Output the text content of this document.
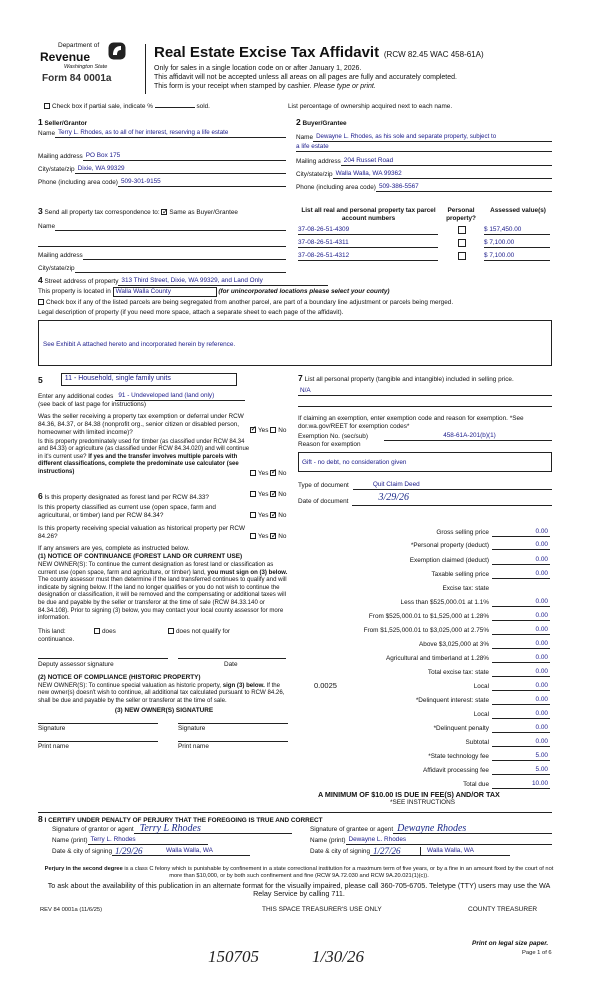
Department of
Revenue
Washington State
Form 84 0001a
Real Estate Excise Tax Affidavit (RCW 82.45 WAC 458-61A)
Only for sales in a single location code on or after January 1, 2026.
This affidavit will not be accepted unless all areas on all pages are fully and accurately completed.
This form is your receipt when stamped by cashier. Please type or print.
Check box if partial sale, indicate %	sold.	List percentage of ownership acquired next to each name.
1 Seller/Grantor
Name Terry L. Rhodes, as to all of her interest, reserving a life estate
Mailing address PO Box 175
City/state/zip Dixie, WA 99329
Phone (including area code) 509-301-9155
2 Buyer/Grantee
Name Dewayne L. Rhodes, as his sole and separate property, subject to
a life estate
Mailing address 204 Russet Road
City/state/zip Walla Walla, WA 99362
Phone (including area code) 509-386-5567
3 Send all property tax correspondence to: ✓ Same as Buyer/Grantee
Name
Mailing address
City/state/zip
List all real and personal property tax parcel account numbers
Personal property?
Assessed value(s)
37-08-26-51-4309	$ 157,450.00
37-08-26-51-4311	$ 7,100.00
37-08-26-51-4312	$ 7,100.00
4
Street address of property 313 Third Street, Dixie, WA 99329, and Land Only
This property is located in Walla Walla County	(for unincorporated locations please select your county)
Check box if any of the listed parcels are being segregated from another parcel, are part of a boundary line adjustment or parcels being merged.
Legal description of property (if you need more space, attach a separate sheet to each page of the affidavit).
See Exhibit A attached hereto and incorporated herein by reference.
5	11 - Household, single family units
Enter any additional codes 91 - Undeveloped land (land only)
(see back of last page for instructions)
Was the seller receiving a property tax exemption or deferral under RCW 84.36, 84.37, or 84.38 (nonprofit org., senior citizen or disabled person, homeowner with limited income)? ✓	Yes No
Is this property predominately used for timber (as classified under RCW 84.34 and 84.33) or agriculture (as classified under RCW 84.34.020) and will continue in it's current use? If yes and the transfer involves multiple parcels with different classifications, complete the predominate use calculator (see instructions)	Yes ✓ No
6 Is this property designated as forest land per RCW 84.33?	Yes ✓ No
Is this property classified as current use (open space, farm and agricultural, or timber) land per RCW 84.34?	Yes ✓ No
Is this property receiving special valuation as historical property per RCW 84.26?	Yes ✓ No
If any answers are yes, complete as instructed below.
(1) NOTICE OF CONTINUANCE (FOREST LAND OR CURRENT USE)
NEW OWNER(S): To continue the current designation as forest land or classification as current use (open space, farm and agriculture, or timber) land, you must sign on (3) below. The county assessor must then determine if the land transferred continues to qualify and will indicate by signing below. If the land no longer qualifies or you do not wish to continue the designation or classification, it will be removed and the compensating or additional taxes will be due and payable by the seller or transferor at the time of sale (RCW 84.33.140 or 84.34.108). Prior to signing (3) below, you may contact your local county assessor for more information.
This land:
continuance.
does	does not qualify for
Deputy assessor signature	Date
(2) NOTICE OF COMPLIANCE (HISTORIC PROPERTY)
NEW OWNER(S): To continue special valuation as historic property, sign (3) below. If the new owner(s) doesn't wish to continue, all additional tax calculated pursuant to RCW 84.26, shall be due and payable by the seller or transferor at the time of sale.
(3) NEW OWNER(S) SIGNATURE
Signature	Signature
Print name	Print name
7 List all personal property (tangible and intangible) included in selling price.
N/A
If claiming an exemption, enter exemption code and reason for exemption. *See dor.wa.gov/REET for exemption codes*
Exemption No. (sec/sub)	458-61A-201(b)(1)
Reason for exemption
Gift - no debt, no consideration given
Type of document	Quit Claim Deed
Date of document	3/29/26
Gross selling price	0.00
*Personal property (deduct)	0.00
Exemption claimed (deduct)	0.00
Taxable selling price	0.00
Excise tax: state
Less than $525,000.01 at 1.1%	0.00
From $525,000.01 to $1,525,000 at 1.28%	0.00
From $1,525,000.01 to $3,025,000 at 2.75%	0.00
Above $3,025,000 at 3%	0.00
Agricultural and timberland at 1.28%	0.00
Total excise tax: state	0.00
0.0025	Local	0.00
*Delinquent interest: state	0.00
Local	0.00
*Delinquent penalty	0.00
Subtotal	0.00
*State technology fee	5.00
Affidavit processing fee	5.00
Total due	10.00
A MINIMUM OF $10.00 IS DUE IN FEE(S) AND/OR TAX
*SEE INSTRUCTIONS
8 I CERTIFY UNDER PENALTY OF PERJURY THAT THE FOREGOING IS TRUE AND CORRECT
Signature of grantor or agent Terry L Rhodes
Name (print) Terry L. Rhodes
Date & city of signing 1/29/26	Walla Walla, WA
Signature of grantee or agent Dewayne Rhodes
Name (print) Dewayne L. Rhodes
Date & city of signing 1/27/26	Walla Walla, WA
Perjury in the second degree is a class C felony which is punishable by confinement in a state correctional institution for a maximum term of five years, or by a fine in an amount fixed by the court of not more than $10,000, or by both such confinement and fine (RCW 9A.72.030 and RCW 9A.20.021(1)(c)).
To ask about the availability of this publication in an alternate format for the visually impaired, please call 360-705-6705. Teletype (TTY) users may use the WA Relay Service by calling 711.
REV 84 0001a (11/6/25)	THIS SPACE TREASURER'S USE ONLY	COUNTY TREASURER
150705	1/30/26
Print on legal size paper.
Page 1 of 6
